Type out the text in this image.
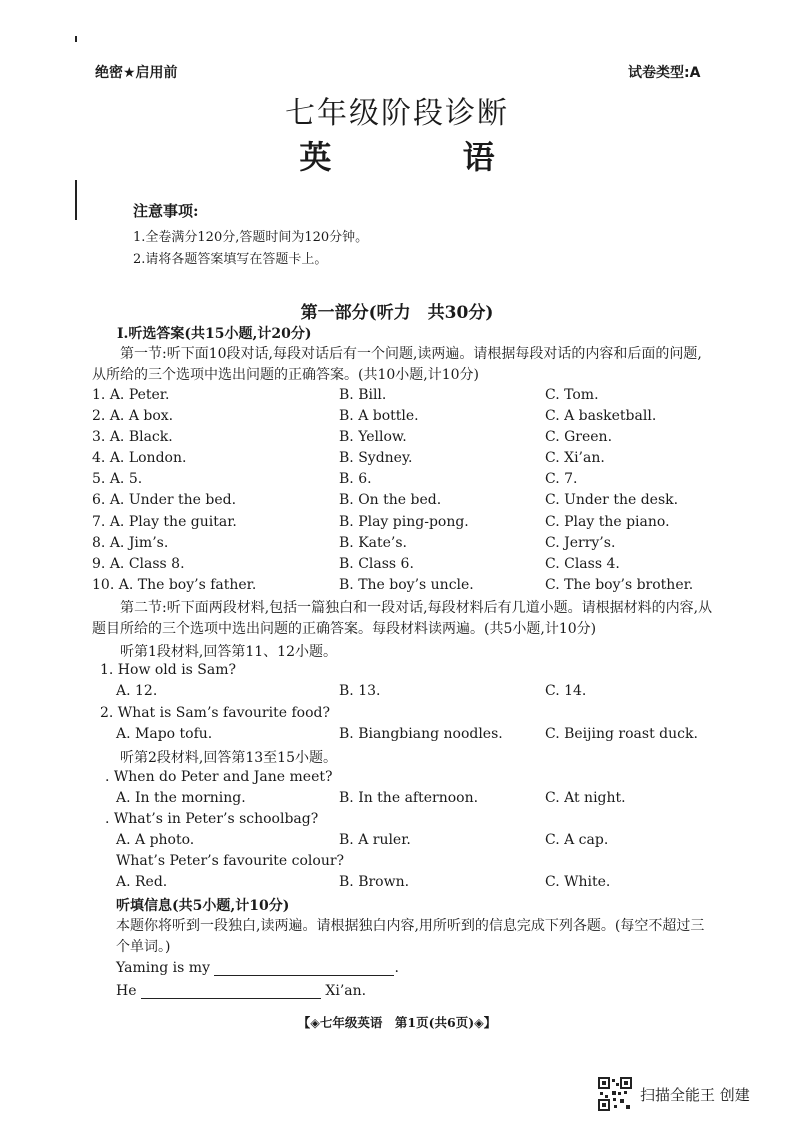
绝密★启用前	试卷类型:A
七年级阶段诊断
英 语
注意事项:
1.全卷满分120分,答题时间为120分钟。
2.请将各题答案填写在答题卡上。
第一部分(听力　共30分)
Ⅰ.听选答案(共15小题,计20分)
第一节:听下面10段对话,每段对话后有一个问题,读两遍。请根据每段对话的内容和后面的问题,从所给的三个选项中选出问题的正确答案。(共10小题,计10分)
1. A. Peter.	B. Bill.	C. Tom.
2. A. A box.	B. A bottle.	C. A basketball.
3. A. Black.	B. Yellow.	C. Green.
4. A. London.	B. Sydney.	C. Xi’an.
5. A. 5.	B. 6.	C. 7.
6. A. Under the bed.	B. On the bed.	C. Under the desk.
7. A. Play the guitar.	B. Play ping-pong.	C. Play the piano.
8. A. Jim’s.	B. Kate’s.	C. Jerry’s.
9. A. Class 8.	B. Class 6.	C. Class 4.
10. A. The boy’s father.	B. The boy’s uncle.	C. The boy’s brother.
第二节:听下面两段材料,包括一篇独白和一段对话,每段材料后有几道小题。请根据材料的内容,从题目所给的三个选项中选出问题的正确答案。每段材料读两遍。(共5小题,计10分)
听第1段材料,回答第11、12小题。
1. How old is Sam?
A. 12.	B. 13.	C. 14.
2. What is Sam’s favourite food?
A. Mapo tofu.	B. Biangbiang noodles.	C. Beijing roast duck.
听第2段材料,回答第13至15小题。
. When do Peter and Jane meet?
A. In the morning.	B. In the afternoon.	C. At night.
. What’s in Peter’s schoolbag?
A. A photo.	B. A ruler.	C. A cap.
What’s Peter’s favourite colour?
A. Red.	B. Brown.	C. White.
听填信息(共5小题,计10分)
本题你将听到一段独白,读两遍。请根据独白内容,用所听到的信息完成下列各题。(每空不超过三个单词。)
Yaming is my	.
He	Xi’an.
【◈七年级英语　第1页(共6页)◈】
扫描全能王 创建
